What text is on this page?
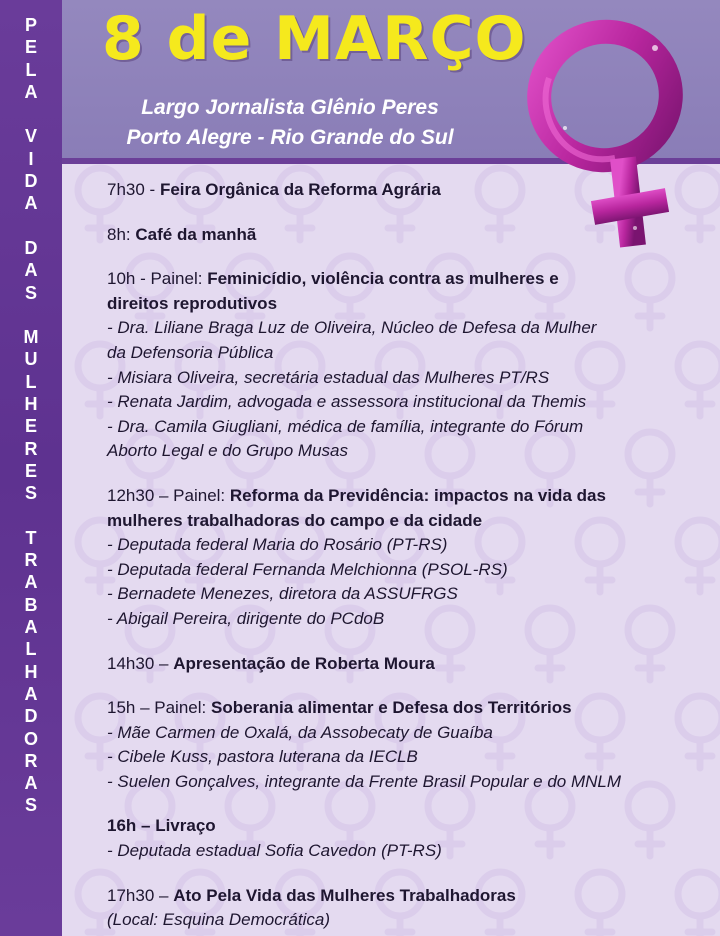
8 de MARÇO
Largo Jornalista Glênio Peres
Porto Alegre - Rio Grande do Sul
P
E
L
A
V
I
D
A
D
A
S
M
U
L
H
E
R
E
S
T
R
A
B
A
L
H
A
D
O
R
A
S
7h30 - Feira Orgânica da Reforma Agrária
8h: Café da manhã
10h - Painel: Feminicídio, violência contra as mulheres e
direitos reprodutivos
- Dra. Liliane Braga Luz de Oliveira, Núcleo de Defesa da Mulher
da Defensoria Pública
- Misiara Oliveira, secretária estadual das Mulheres PT/RS
- Renata Jardim, advogada e assessora institucional da Themis
- Dra. Camila Giugliani, médica de família, integrante do Fórum
Aborto Legal e do Grupo Musas
12h30 – Painel: Reforma da Previdência: impactos na vida das
mulheres trabalhadoras do campo e da cidade
- Deputada federal Maria do Rosário (PT-RS)
- Deputada federal Fernanda Melchionna (PSOL-RS)
- Bernadete Menezes, diretora da ASSUFRGS
- Abigail Pereira, dirigente do PCdoB
14h30 – Apresentação de Roberta Moura
15h – Painel: Soberania alimentar e Defesa dos Territórios
- Mãe Carmen de Oxalá, da Assobecaty de Guaíba
- Cibele Kuss, pastora luterana da IECLB
- Suelen Gonçalves, integrante da Frente Brasil Popular e do MNLM
16h – Livraço
- Deputada estadual Sofia Cavedon (PT-RS)
17h30 – Ato Pela Vida das Mulheres Trabalhadoras
(Local: Esquina Democrática)
